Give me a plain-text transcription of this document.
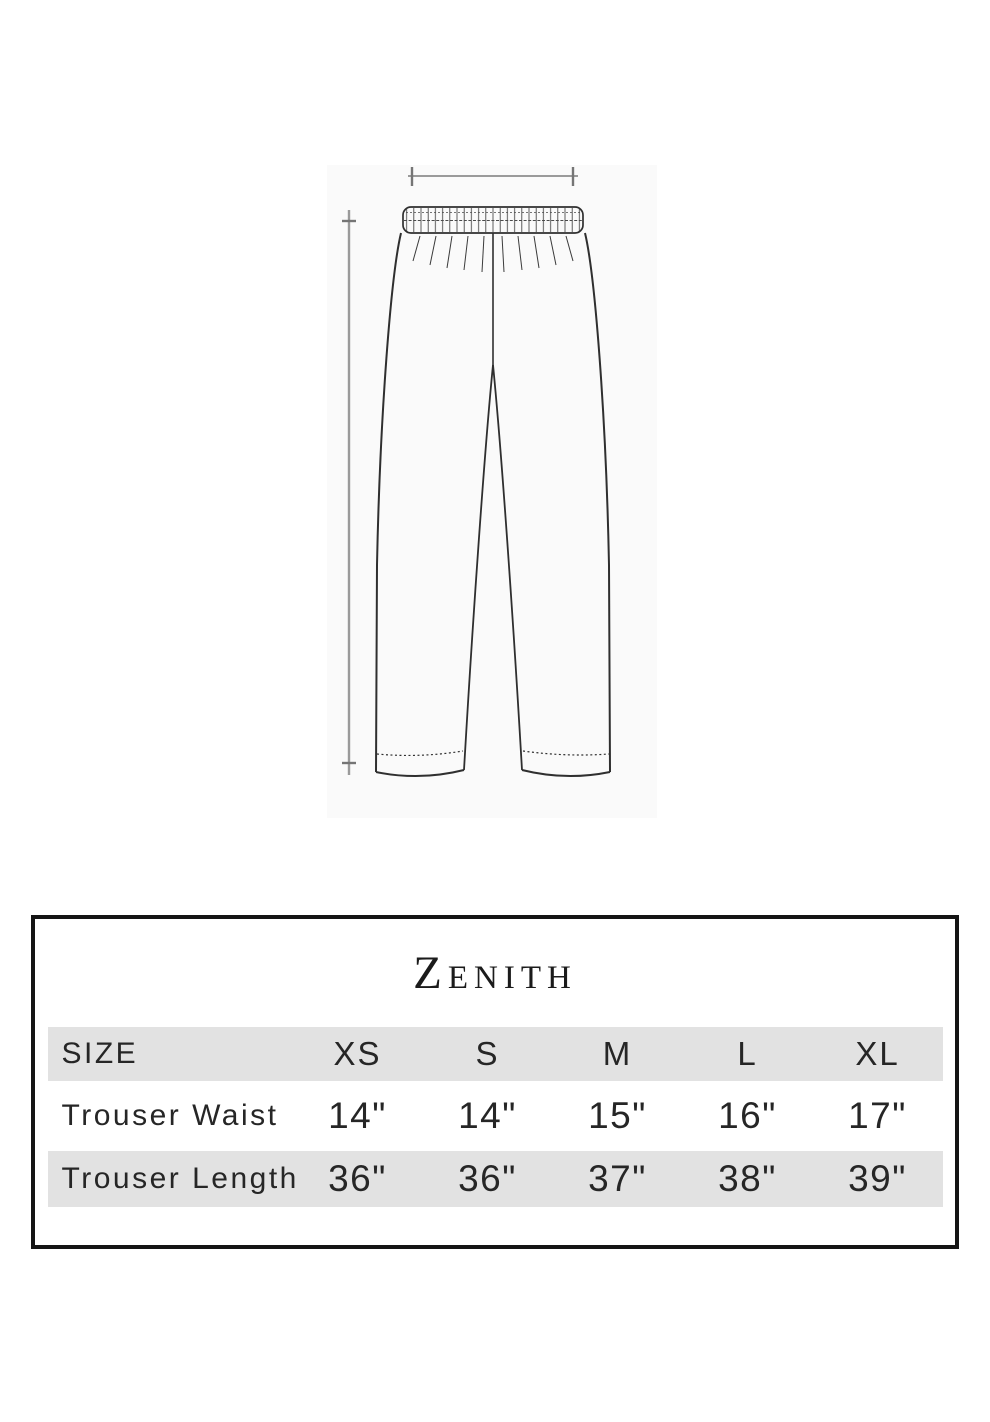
Zenith
SIZE	XS	S	M	L	XL
Trouser Waist	14"	14"	15"	16"	17"
Trouser Length 36"	36"	37"	38"	39"
